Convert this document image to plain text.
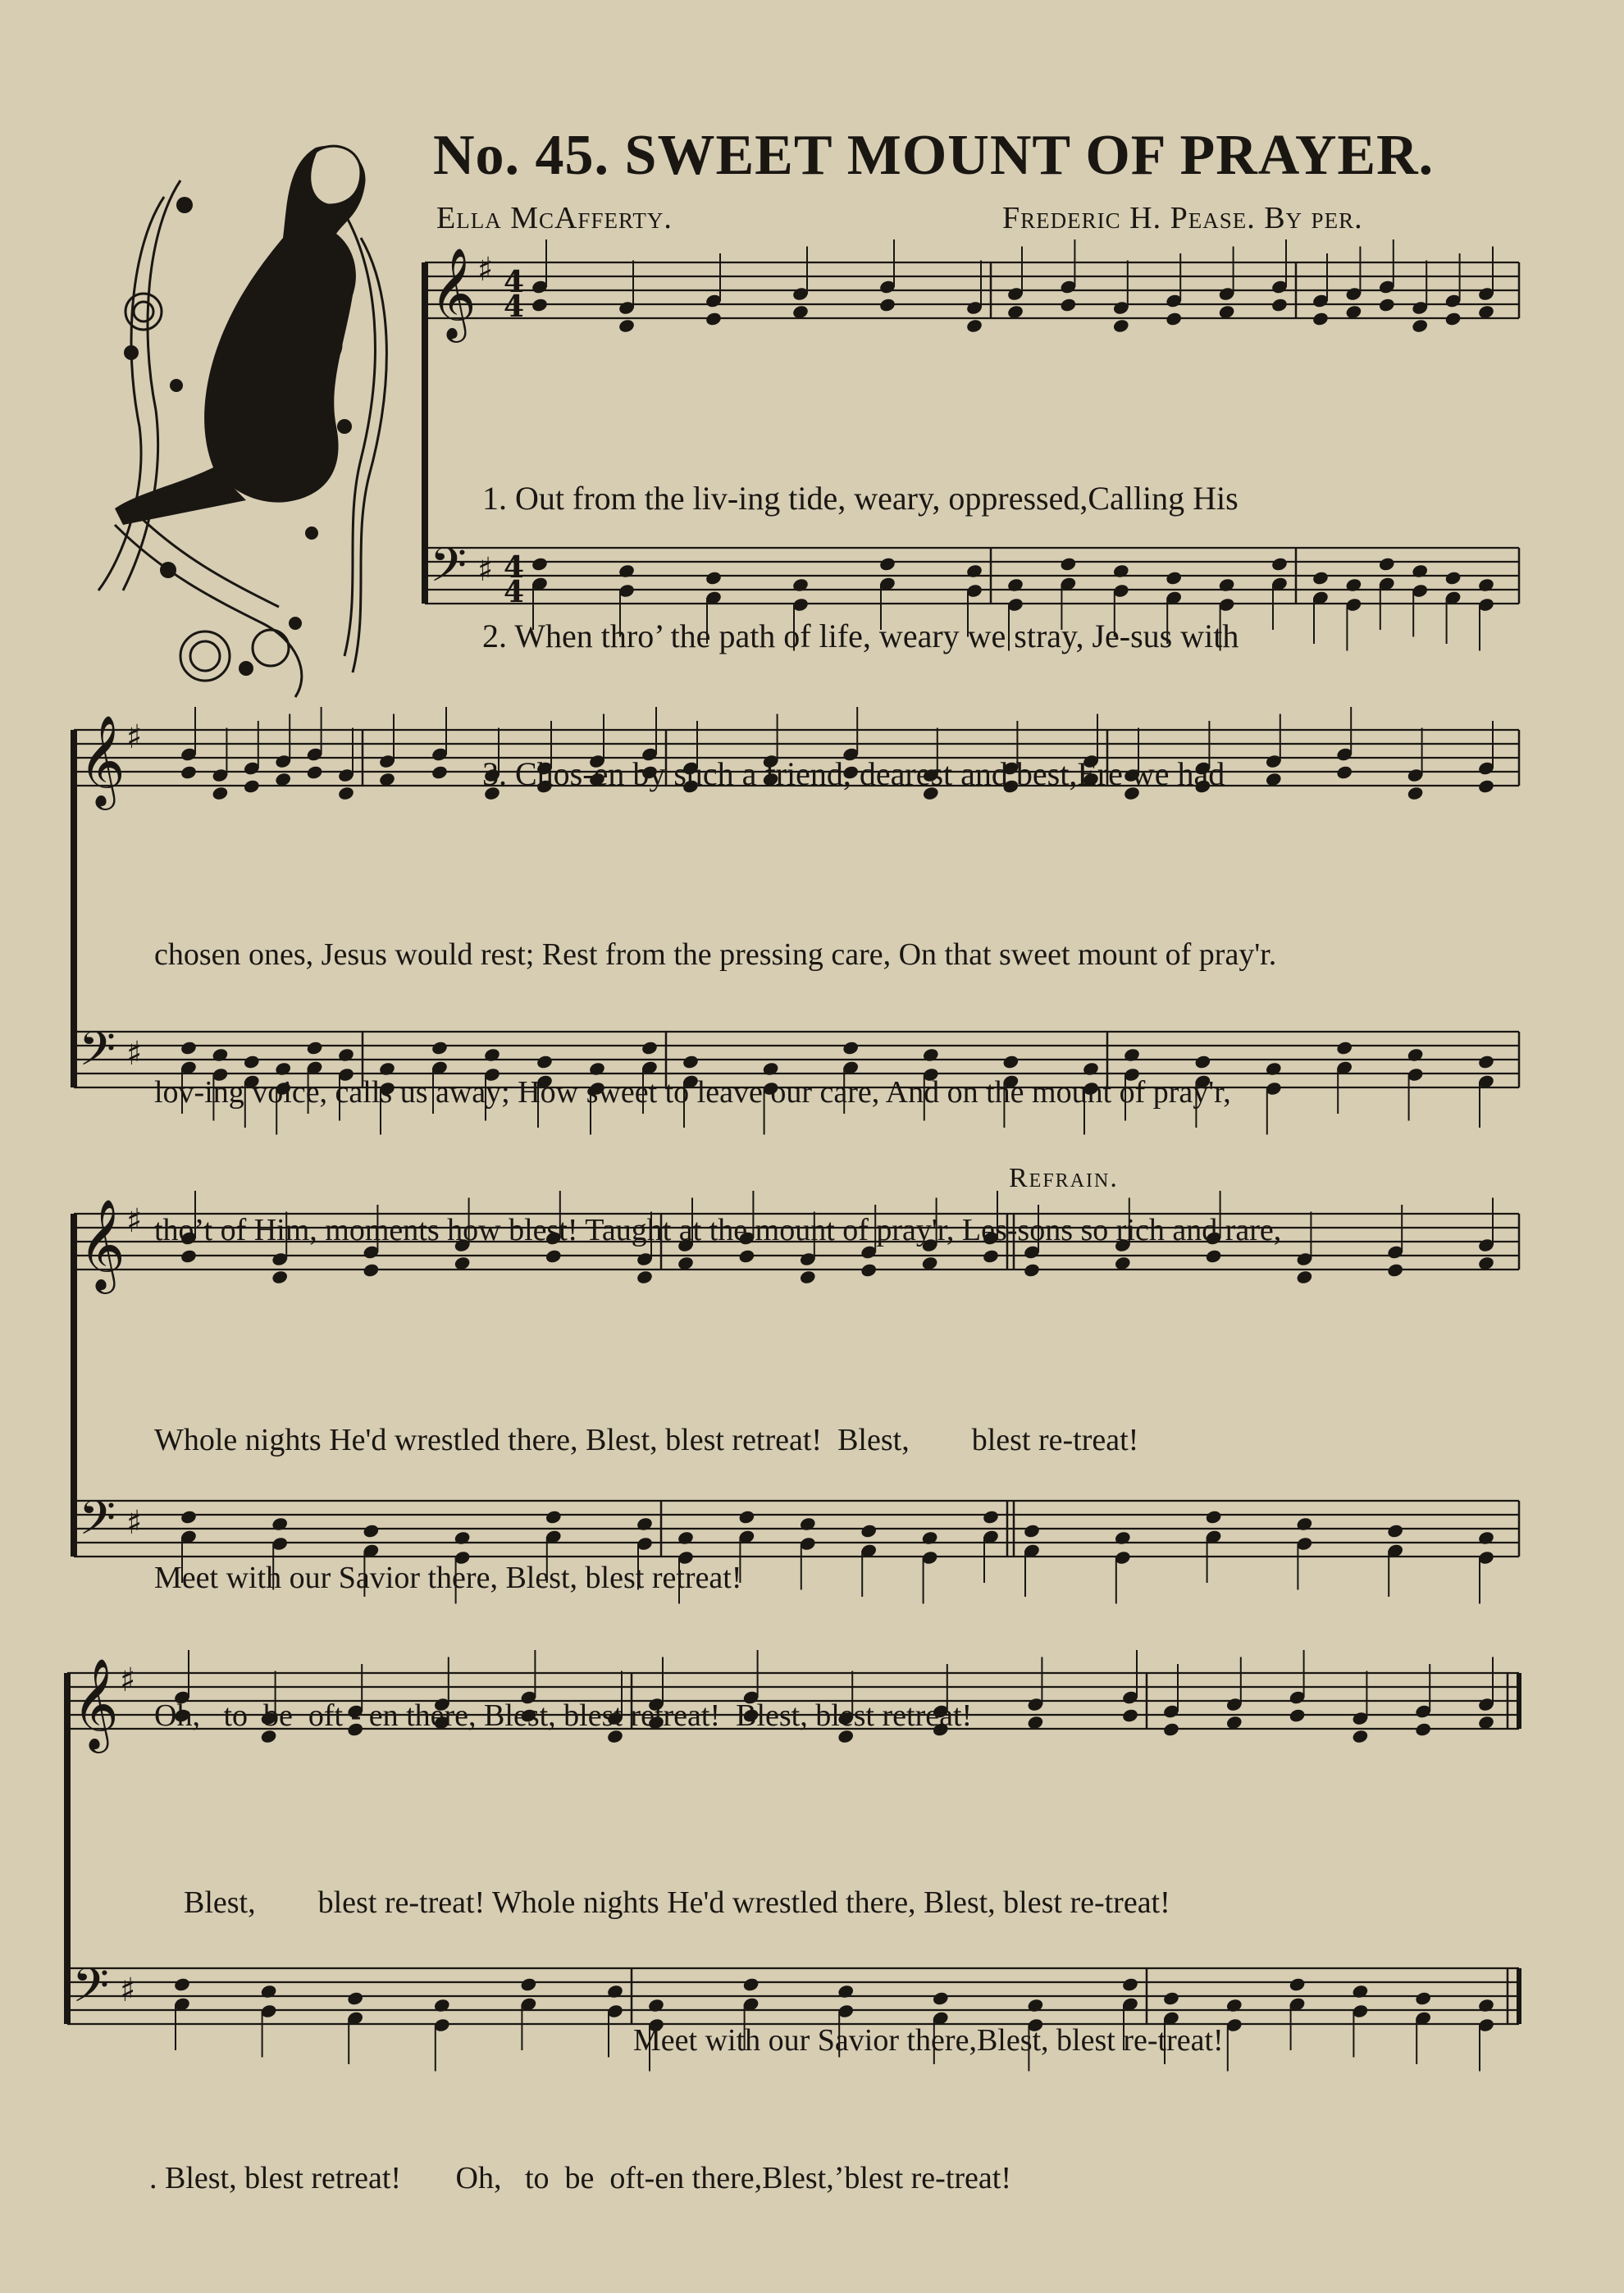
No. 45. SWEET MOUNT OF PRAYER.
Ella McAfferty.	Frederic H. Pease. By per.
𝄞 ♯
4
4
𝄢 ♯
4
4
𝄞 ♯
𝄢 ♯
𝄞 ♯
𝄢 ♯
𝄞 ♯
𝄢 ♯

1. Out from the liv-ing tide, weary, oppressed,Calling His

2. When thro’ the path of life, weary we stray, Je-sus with

3. Chos-en by such a friend, dearest and best,Ere we had

chosen ones, Jesus would rest; Rest from the pressing care, On that sweet mount of pray'r.

lov-ing voice, calls us away; How sweet to leave our care, And on the mount of pray'r,

tho’t of Him, moments how blest! Taught at the mount of pray'r, Les-sons so rich and rare,

Refrain.

Whole nights He'd wrestled there, Blest, blest retreat!  Blest,        blest re-treat!

Meet with our Savior there, Blest, blest retreat!

Oh,   to  be  oft - en there, Blest, blest retreat!  Blest, blest retreat!

Blest,        blest re-treat! Whole nights He'd wrestled there, Blest, blest re-treat!

Meet with our Savior there,Blest, blest re-treat!

. Blest, blest retreat!       Oh,   to  be  oft-en there,Blest,ʼblest re-treat!
